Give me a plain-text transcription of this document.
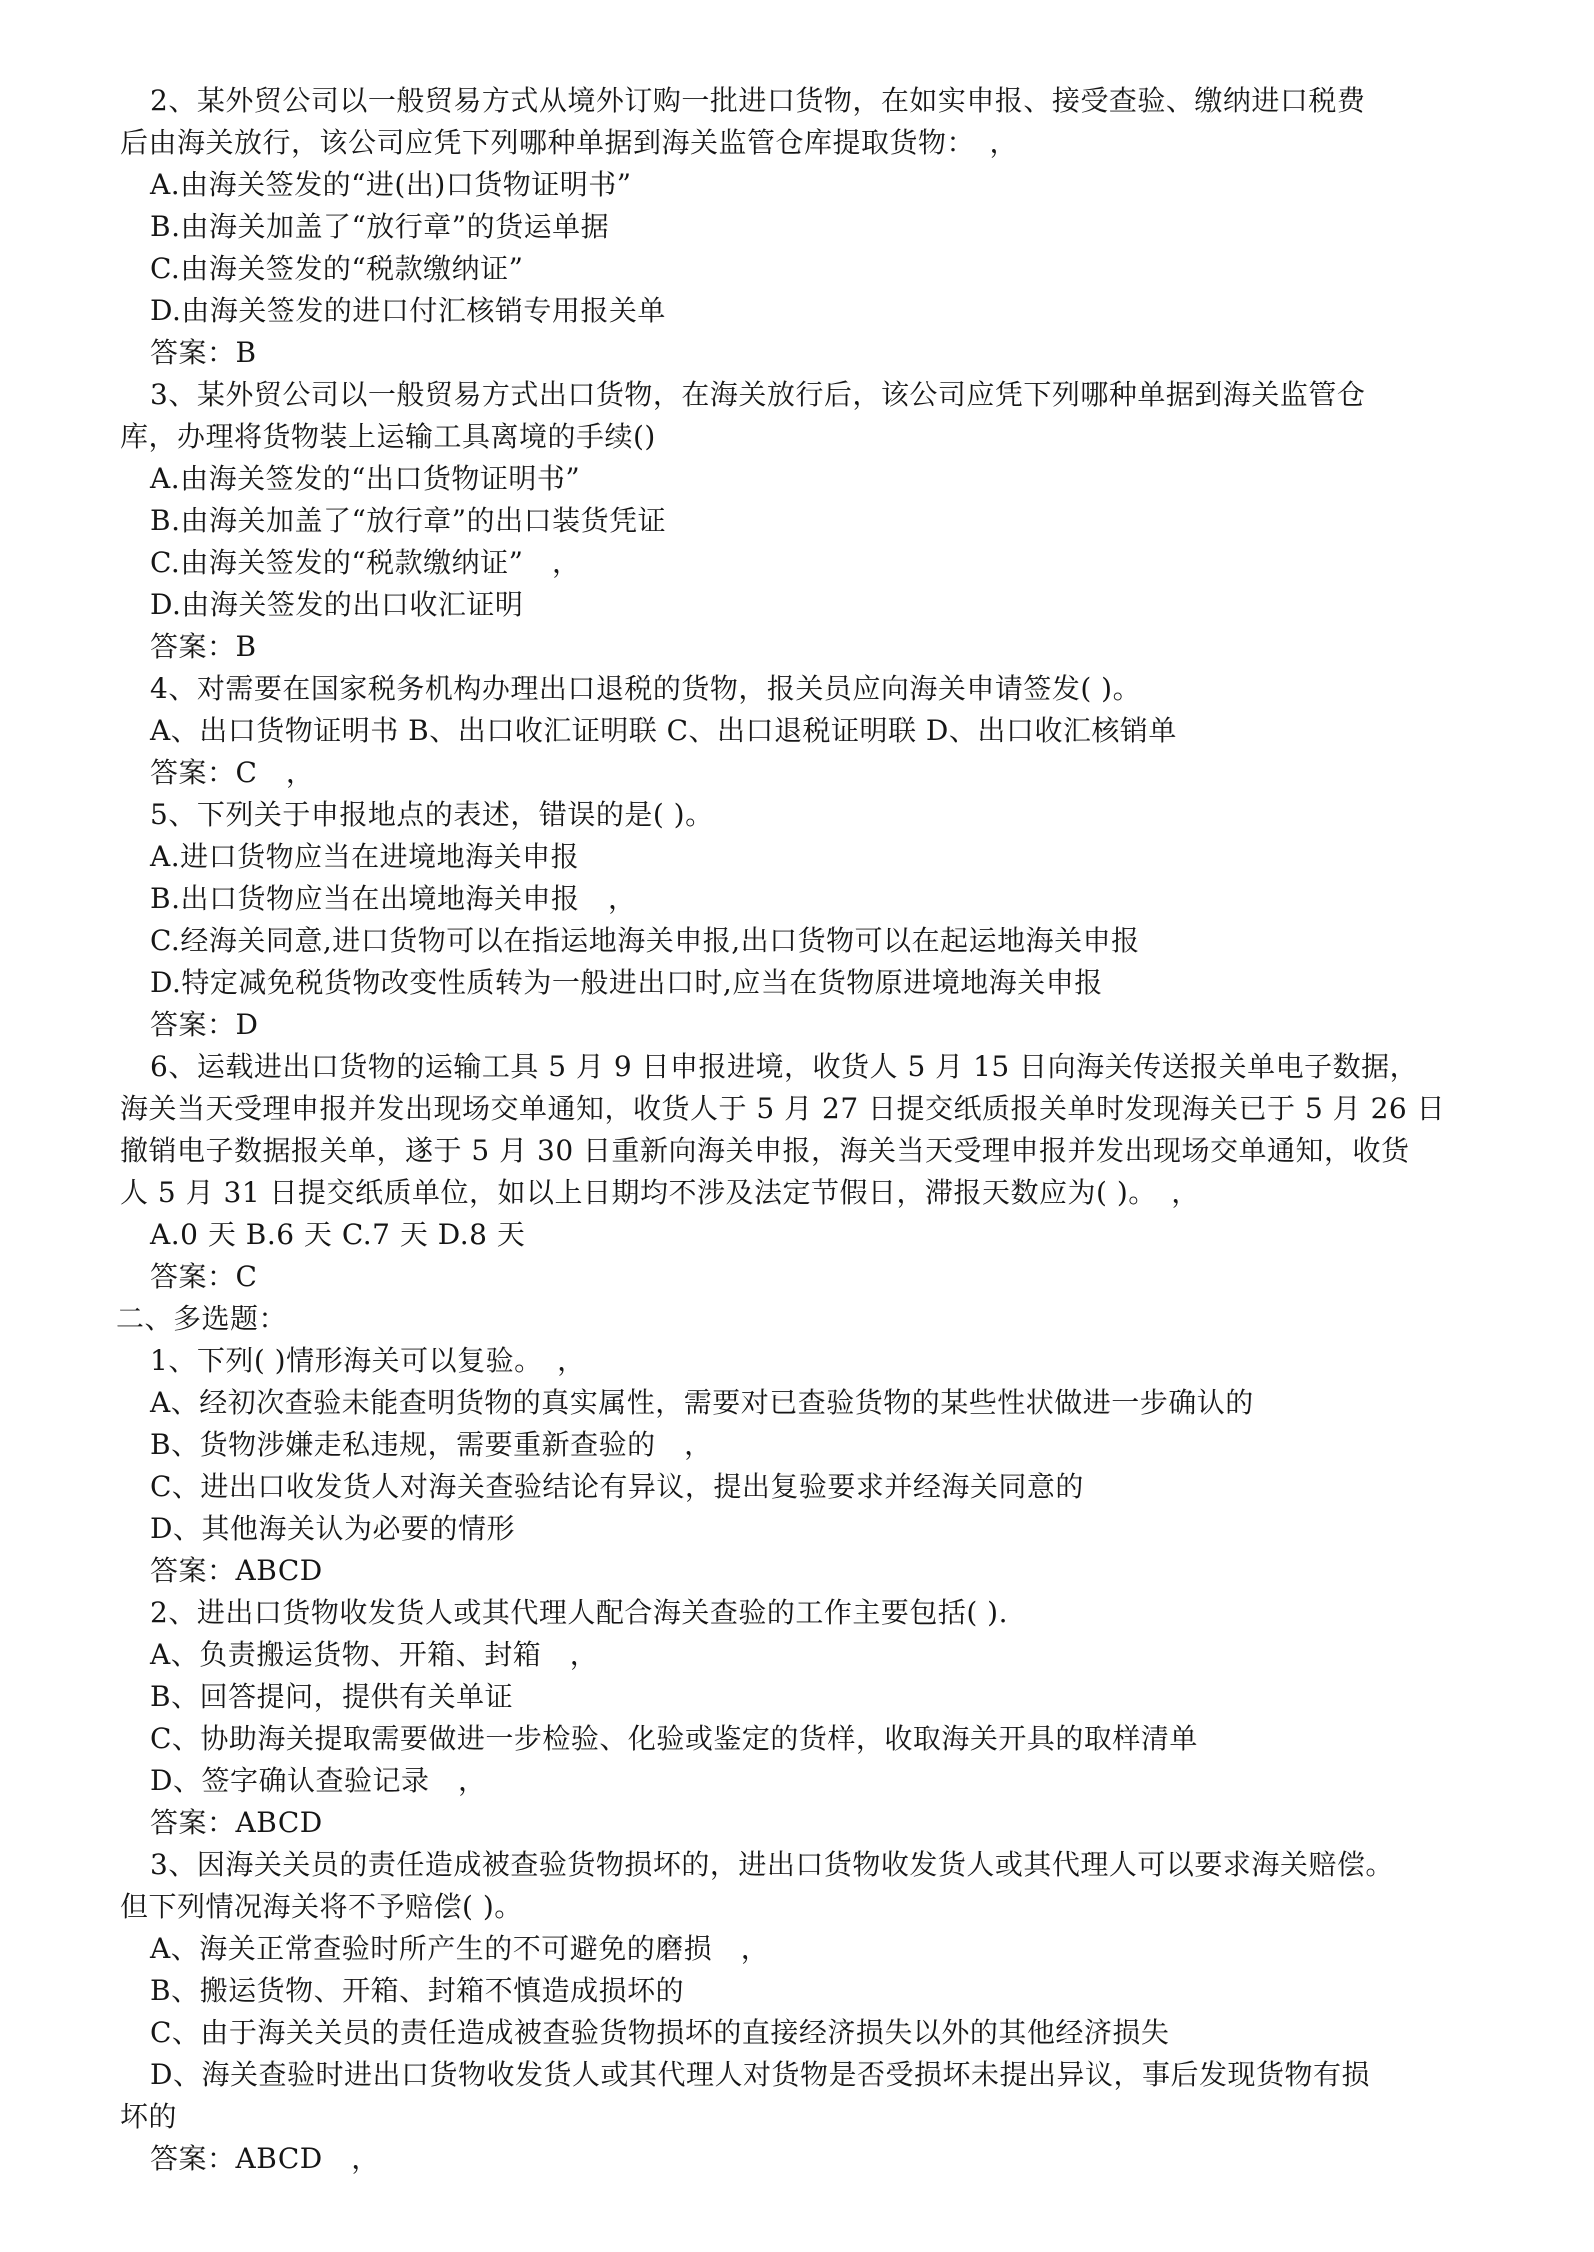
2、某外贸公司以一般贸易方式从境外订购一批进口货物，在如实申报、接受查验、缴纳进口税费
后由海关放行，该公司应凭下列哪种单据到海关监管仓库提取货物：　，
A.由海关签发的“进(出)口货物证明书”
B.由海关加盖了“放行章”的货运单据
C.由海关签发的“税款缴纳证”
D.由海关签发的进口付汇核销专用报关单
答案：B
3、某外贸公司以一般贸易方式出口货物，在海关放行后，该公司应凭下列哪种单据到海关监管仓
库，办理将货物装上运输工具离境的手续()
A.由海关签发的“出口货物证明书”
B.由海关加盖了“放行章”的出口装货凭证
C.由海关签发的“税款缴纳证”　，
D.由海关签发的出口收汇证明
答案：B
4、对需要在国家税务机构办理出口退税的货物，报关员应向海关申请签发( )。
A、出口货物证明书 B、出口收汇证明联 C、出口退税证明联 D、出口收汇核销单
答案：C　，
5、下列关于申报地点的表述，错误的是( )。
A.进口货物应当在进境地海关申报
B.出口货物应当在出境地海关申报　，
C.经海关同意,进口货物可以在指运地海关申报,出口货物可以在起运地海关申报
D.特定减免税货物改变性质转为一般进出口时,应当在货物原进境地海关申报
答案：D
6、运载进出口货物的运输工具 5 月 9 日申报进境，收货人 5 月 15 日向海关传送报关单电子数据，
海关当天受理申报并发出现场交单通知，收货人于 5 月 27 日提交纸质报关单时发现海关已于 5 月 26 日
撤销电子数据报关单，遂于 5 月 30 日重新向海关申报，海关当天受理申报并发出现场交单通知，收货
人 5 月 31 日提交纸质单位，如以上日期均不涉及法定节假日，滞报天数应为( )。　，
A.0 天 B.6 天 C.7 天 D.8 天
答案：C
二、多选题：
1、下列( )情形海关可以复验。　，
A、经初次查验未能查明货物的真实属性，需要对已查验货物的某些性状做进一步确认的
B、货物涉嫌走私违规，需要重新查验的　，
C、进出口收发货人对海关查验结论有异议，提出复验要求并经海关同意的
D、其他海关认为必要的情形
答案：ABCD
2、进出口货物收发货人或其代理人配合海关查验的工作主要包括( ).
A、负责搬运货物、开箱、封箱　，
B、回答提问，提供有关单证
C、协助海关提取需要做进一步检验、化验或鉴定的货样，收取海关开具的取样清单
D、签字确认查验记录　，
答案：ABCD
3、因海关关员的责任造成被查验货物损坏的，进出口货物收发货人或其代理人可以要求海关赔偿。
但下列情况海关将不予赔偿( )。
A、海关正常查验时所产生的不可避免的磨损　，
B、搬运货物、开箱、封箱不慎造成损坏的
C、由于海关关员的责任造成被查验货物损坏的直接经济损失以外的其他经济损失
D、海关查验时进出口货物收发货人或其代理人对货物是否受损坏未提出异议，事后发现货物有损
坏的
答案：ABCD　，
